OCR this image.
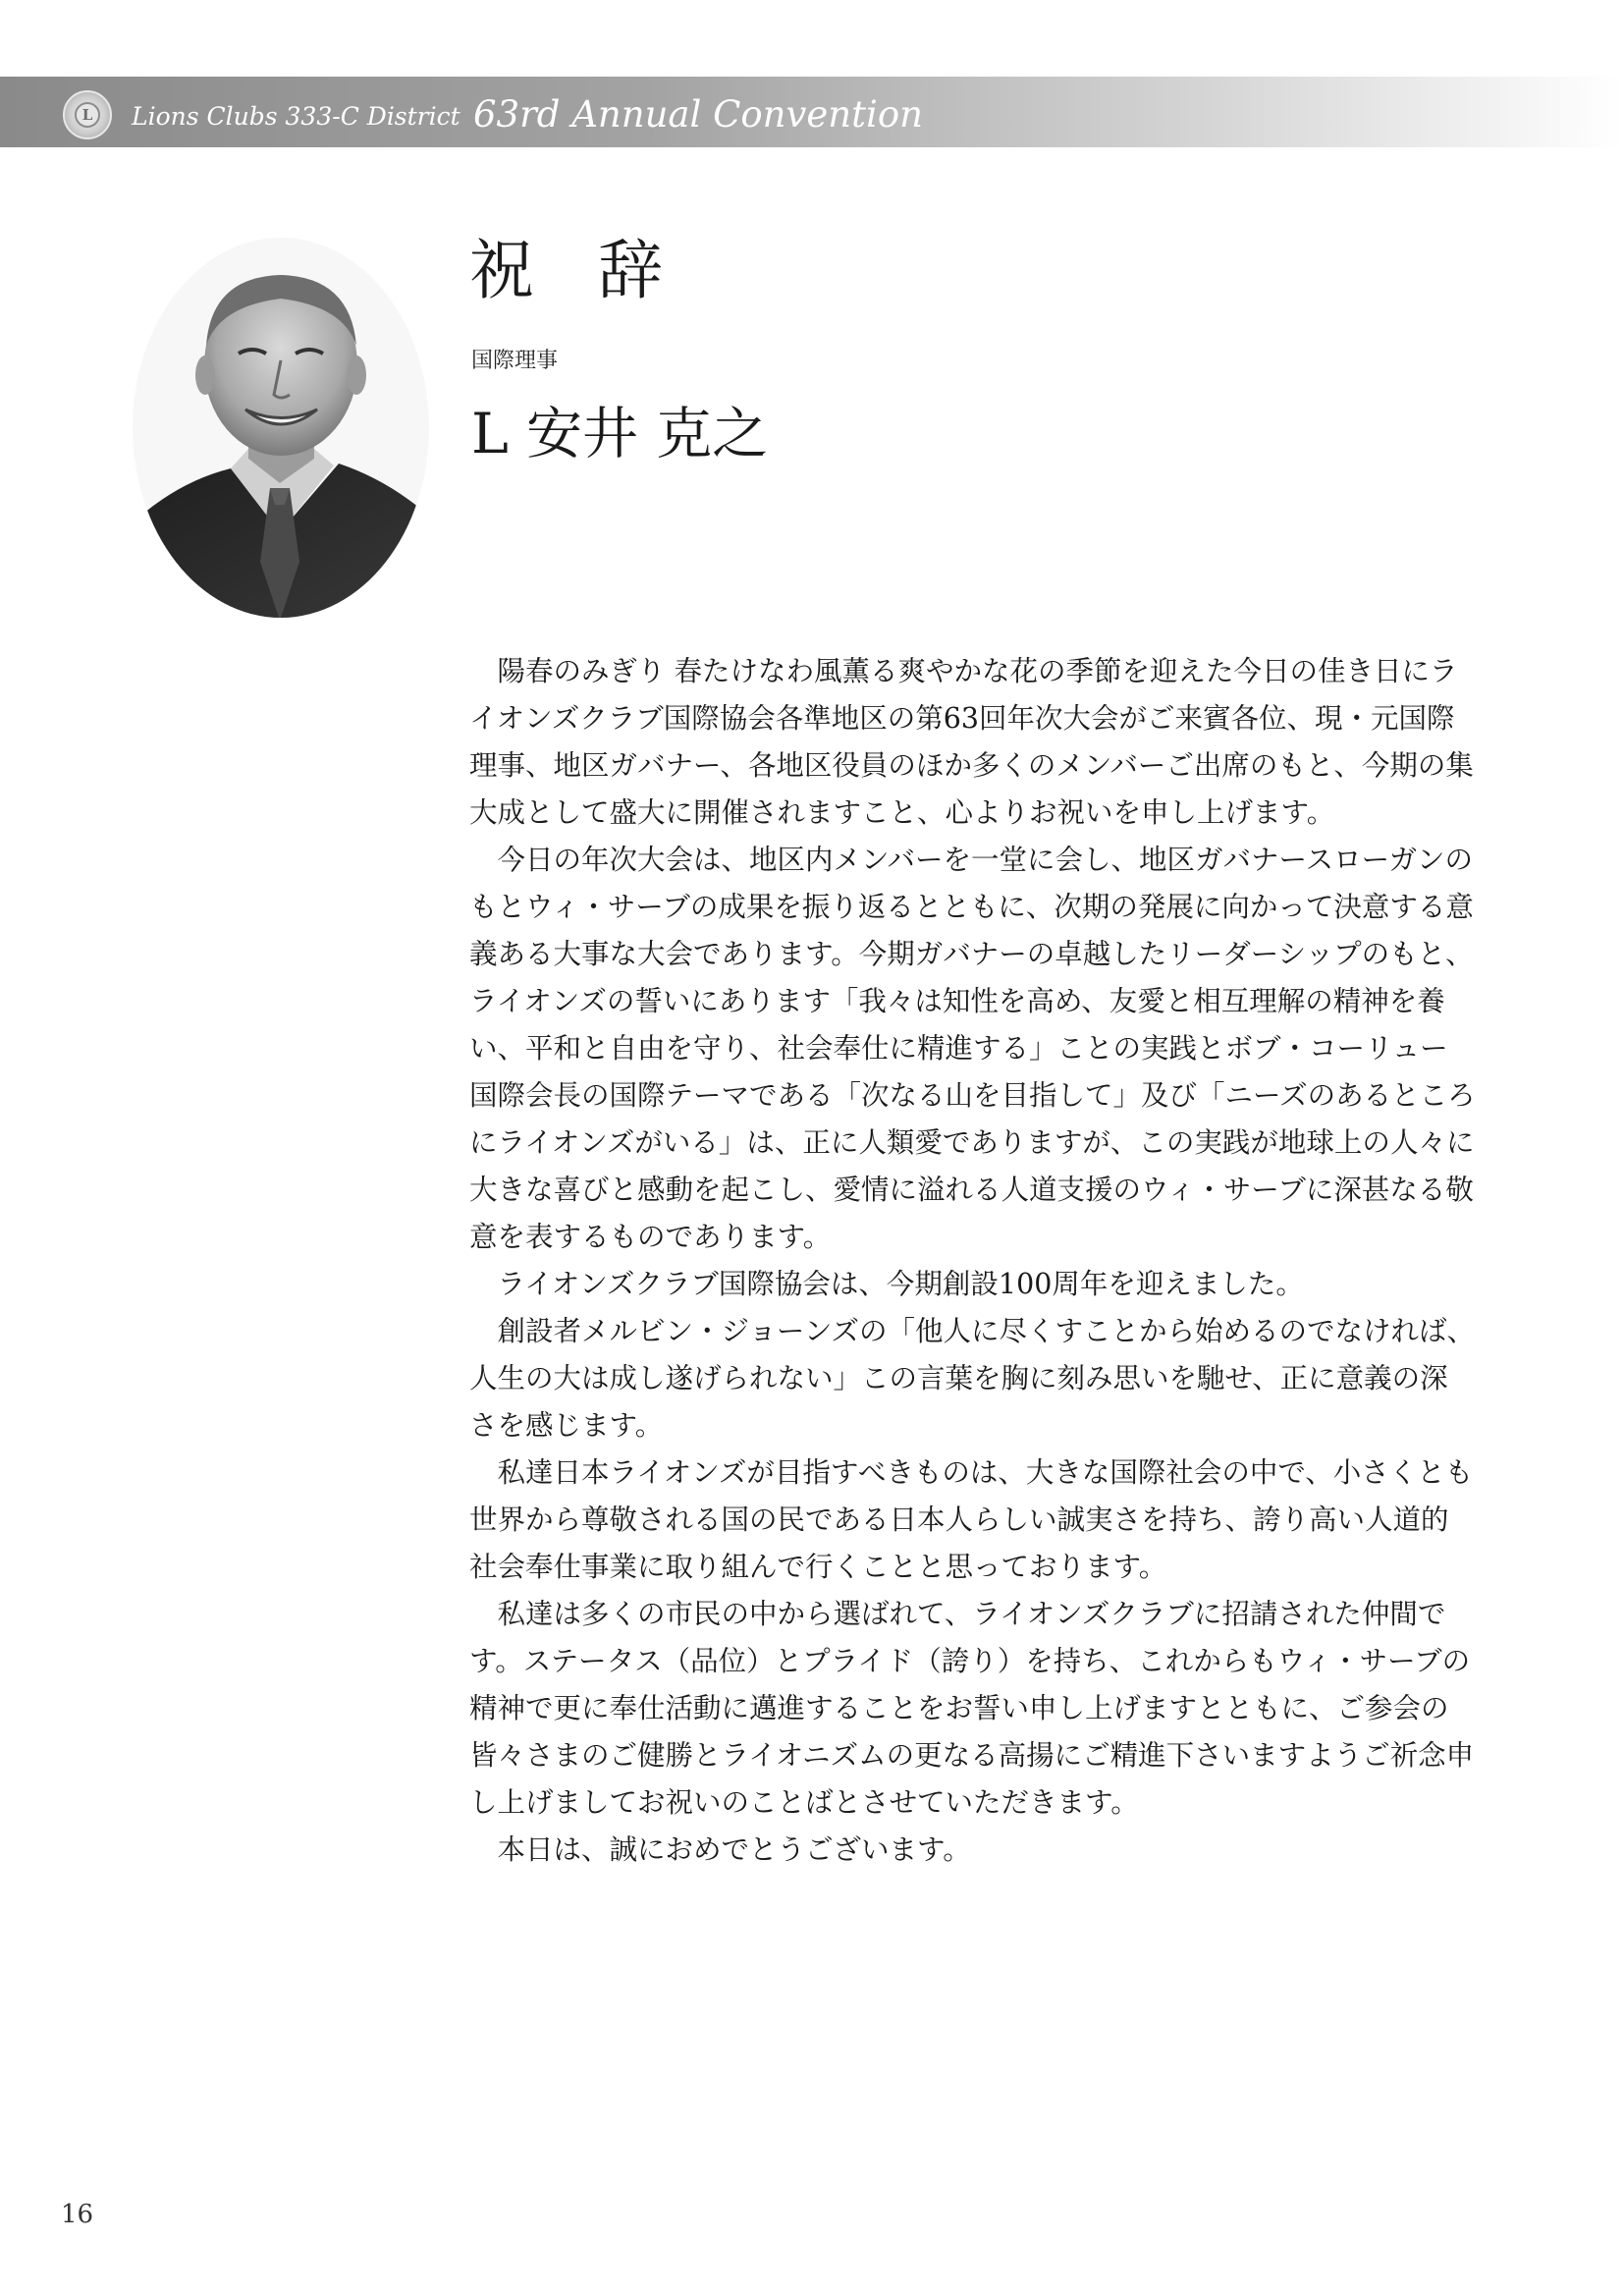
L	Lions Clubs 333-C District 63rd Annual Convention
祝 辞
国際理事
L 安井 克之

陽春のみぎり 春たけなわ風薫る爽やかな花の季節を迎えた今日の佳き日にライオンズクラブ国際協会各準地区の第63回年次大会がご来賓各位、現・元国際理事、地区ガバナー、各地区役員のほか多くのメンバーご出席のもと、今期の集大成として盛大に開催されますこと、心よりお祝いを申し上げます。

今日の年次大会は、地区内メンバーを一堂に会し、地区ガバナースローガンのもとウィ・サーブの成果を振り返るとともに、次期の発展に向かって決意する意義ある大事な大会であります。今期ガバナーの卓越したリーダーシップのもと、ライオンズの誓いにあります「我々は知性を高め、友愛と相互理解の精神を養い、平和と自由を守り、社会奉仕に精進する」ことの実践とボブ・コーリュー国際会長の国際テーマである「次なる山を目指して」及び「ニーズのあるところにライオンズがいる」は、正に人類愛でありますが、この実践が地球上の人々に大きな喜びと感動を起こし、愛情に溢れる人道支援のウィ・サーブに深甚なる敬意を表するものであります。

ライオンズクラブ国際協会は、今期創設100周年を迎えました。

創設者メルビン・ジョーンズの「他人に尽くすことから始めるのでなければ、人生の大は成し遂げられない」この言葉を胸に刻み思いを馳せ、正に意義の深さを感じます。

私達日本ライオンズが目指すべきものは、大きな国際社会の中で、小さくとも世界から尊敬される国の民である日本人らしい誠実さを持ち、誇り高い人道的社会奉仕事業に取り組んで行くことと思っております。

私達は多くの市民の中から選ばれて、ライオンズクラブに招請された仲間です。ステータス（品位）とプライド（誇り）を持ち、これからもウィ・サーブの精神で更に奉仕活動に邁進することをお誓い申し上げますとともに、ご参会の皆々さまのご健勝とライオニズムの更なる高揚にご精進下さいますようご祈念申し上げましてお祝いのことばとさせていただきます。

本日は、誠におめでとうございます。

16
